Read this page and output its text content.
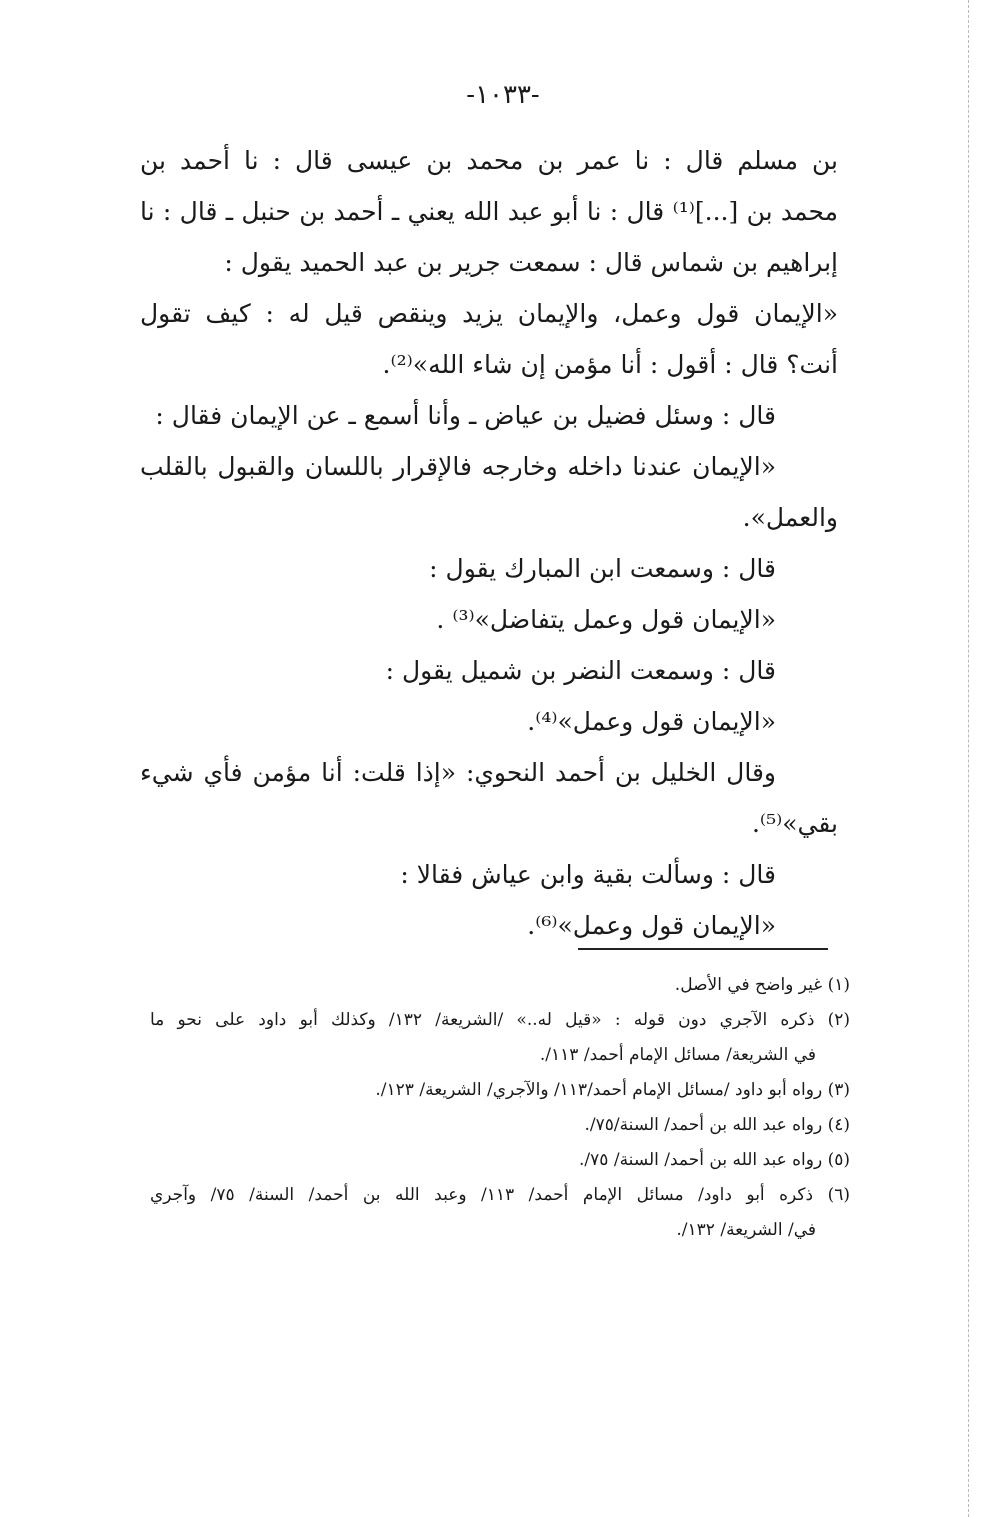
-١٠٣٣-
بن مسلم قال : نا عمر بن محمد بن عيسى قال : نا أحمد بن
محمد بن [...]⁽¹⁾ قال : نا أبو عبد الله يعني ـ أحمد بن حنبل ـ قال : نا
إبراهيم بن شماس قال : سمعت جرير بن عبد الحميد يقول :
«الإيمان قول وعمل، والإيمان يزيد وينقص قيل له : كيف تقول
أنت؟ قال : أقول : أنا مؤمن إن شاء الله»⁽²⁾.
قال : وسئل فضيل بن عياض ـ وأنا أسمع ـ عن الإيمان فقال :
«الإيمان عندنا داخله وخارجه فالإقرار باللسان والقبول بالقلب
والعمل».
قال : وسمعت ابن المبارك يقول :
«الإيمان قول وعمل يتفاضل»⁽³⁾ .
قال : وسمعت النضر بن شميل يقول :
«الإيمان قول وعمل»⁽⁴⁾.
وقال الخليل بن أحمد النحوي: «إذا قلت: أنا مؤمن فأي شيء
بقي»⁽⁵⁾.
قال : وسألت بقية وابن عياش فقالا :
«الإيمان قول وعمل»⁽⁶⁾.
(١) غير واضح في الأصل.
(٢) ذكره الآجري دون قوله : «قيل له..» /الشريعة/ ١٣٢/ وكذلك أبو داود على نحو ما
في الشريعة/ مسائل الإمام أحمد/ ١١٣/.
(٣) رواه أبو داود /مسائل الإمام أحمد/١١٣/ والآجري/ الشريعة/ ١٢٣/.
(٤) رواه عبد الله بن أحمد/ السنة/٧٥/.
(٥) رواه عبد الله بن أحمد/ السنة/ ٧٥/.
(٦) ذكره أبو داود/ مسائل الإمام أحمد/ ١١٣/ وعبد الله بن أحمد/ السنة/ ٧٥/ وآجري
في/ الشريعة/ ١٣٢/.
